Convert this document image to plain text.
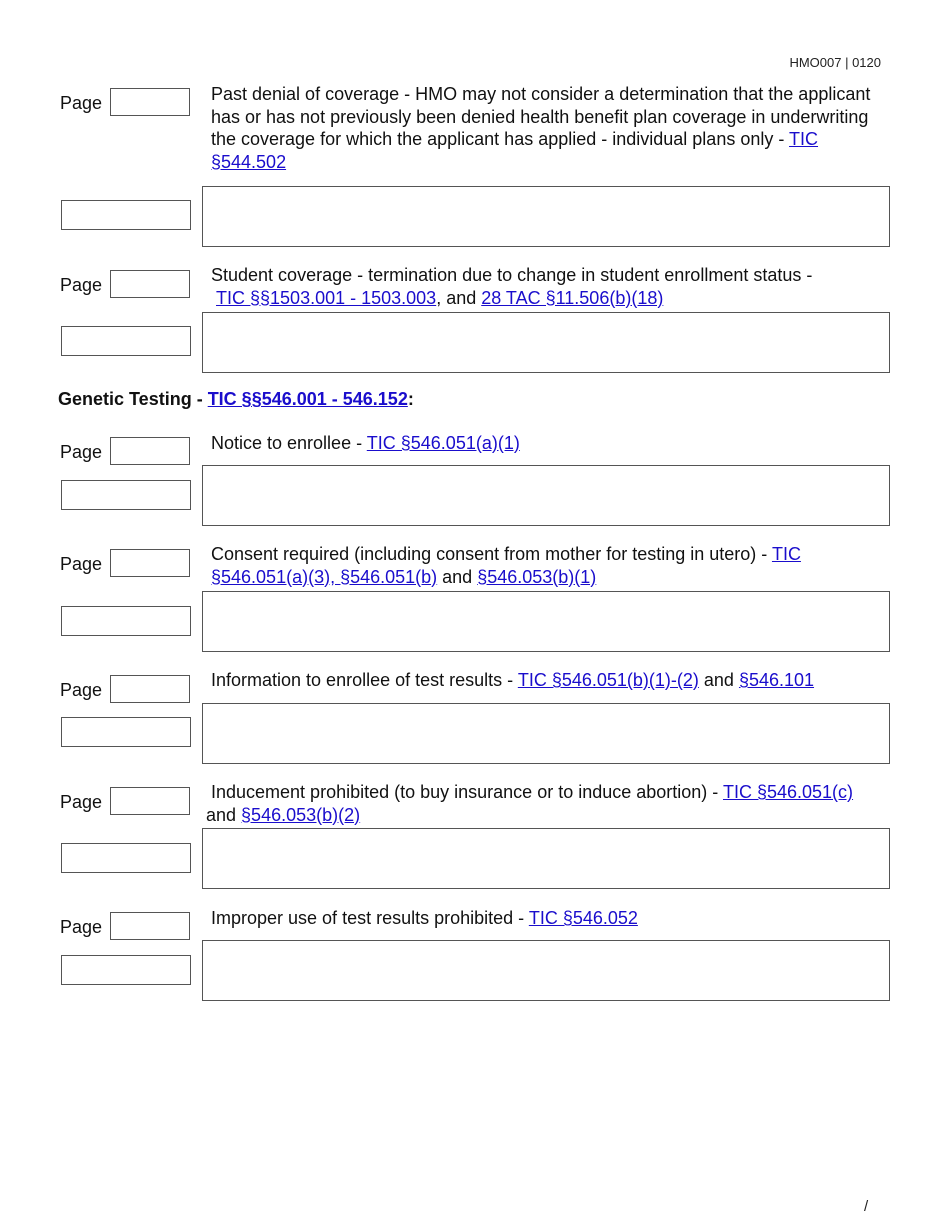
HMO007 | 0120
Page	Past denial of coverage - HMO may not consider a determination that the applicant has or has not previously been denied health benefit plan coverage in underwriting the coverage for which the applicant has applied - individual plans only - TIC §544.502
Page	Student coverage - termination due to change in student enrollment status -
TIC §§1503.001 - 1503.003, and 28 TAC §11.506(b)(18)
Genetic Testing - TIC §§546.001 - 546.152:
Page	Notice to enrollee - TIC §546.051(a)(1)
Page	Consent required (including consent from mother for testing in utero) - TIC §546.051(a)(3), §546.051(b) and §546.053(b)(1)
Page	Information to enrollee of test results - TIC §546.051(b)(1)-(2) and §546.101
Page	Inducement prohibited (to buy insurance or to induce abortion) - TIC §546.051(c)
and §546.053(b)(2)
Page	Improper use of test results prohibited - TIC §546.052
/
